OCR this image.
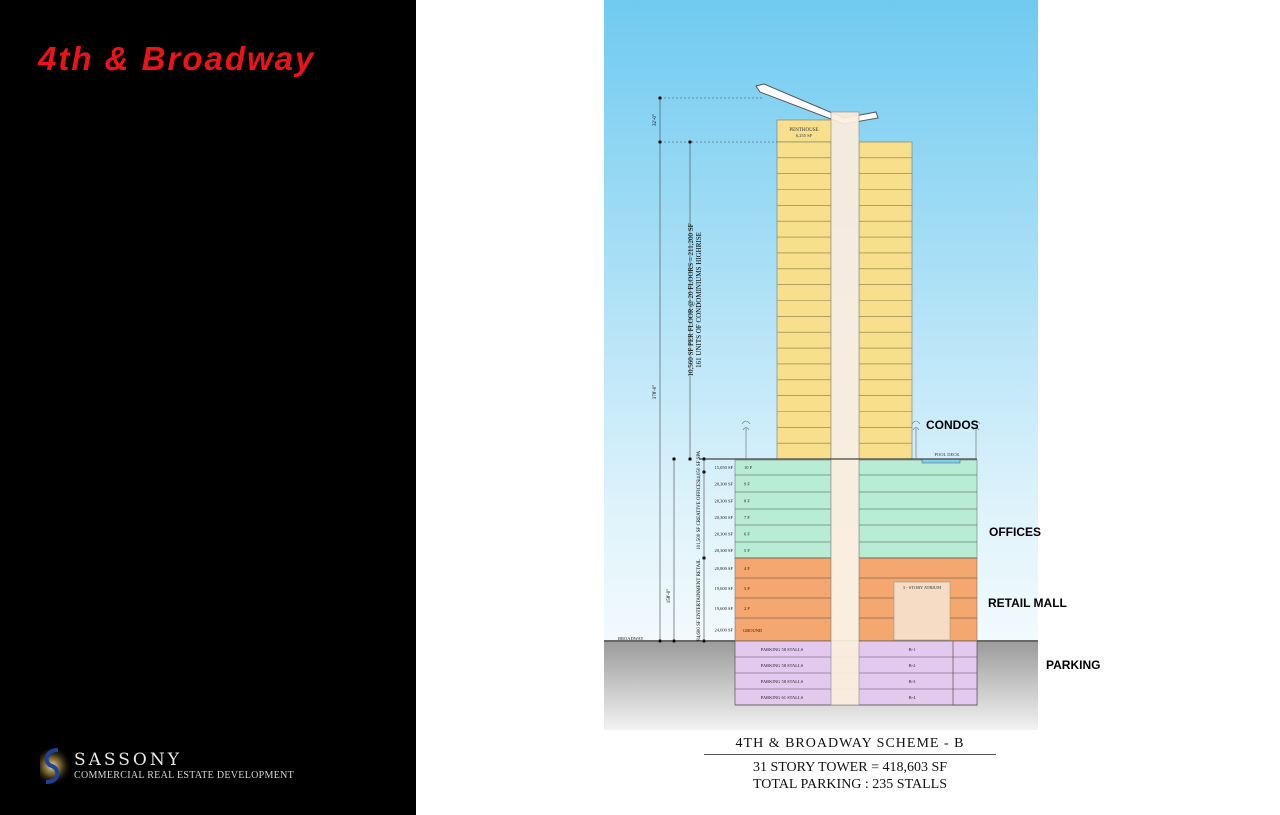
4th & Broadway

SASSONY

COMMERCIAL REAL ESTATE DEVELOPMENT

PENTHOUSE
6,255 SF
3 - STORY ATRIUM
POOL DECK
32'-0"
378'-0"
158'-0"
10,560 SF PER FLOOR @ 20 FLOORS = 211,200 SF 161 UNITS OF CONDOMINIUMS HIGHRISE
14,050 SF SPA
101,500 SF CREATIVE OFFICES
84,600 SF ENTERTAINMENT RETAIL
BROADWAY
GROUND
15,050 SF 10 F
20,300 SF 9 F
20,300 SF 8 F
20,300 SF 7 F
20,300 SF 6 F
20,300 SF 5 F
20,800 SF 4 F
19,600 SF 3 F
19,600 SF 2 F
24,600 SF
PARKING 58 STALLS	B-1
PARKING 58 STALLS	B-2
PARKING 58 STALLS	B-3
PARKING 61 STALLS	B-4
CONDOS
OFFICES
RETAIL MALL
PARKING
4TH & BROADWAY SCHEME - B
31 STORY TOWER = 418,603 SF
TOTAL PARKING : 235 STALLS
